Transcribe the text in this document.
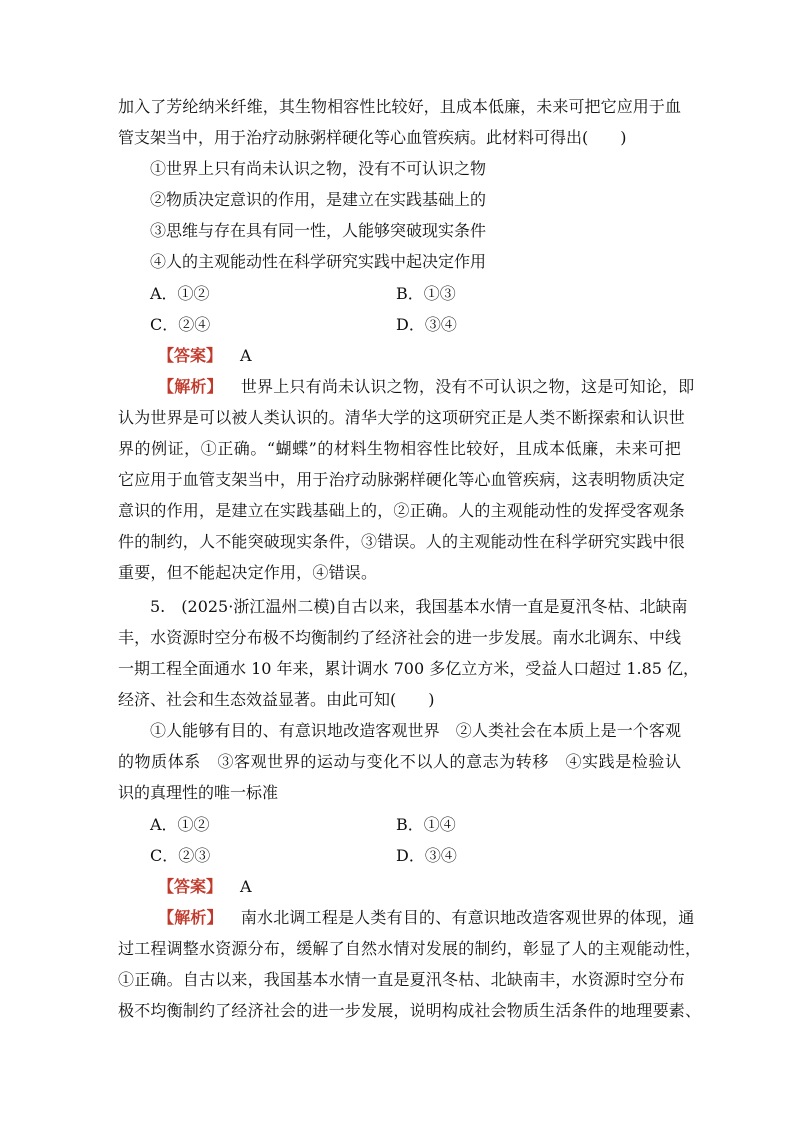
加入了芳纶纳米纤维，其生物相容性比较好，且成本低廉，未来可把它应用于血
管支架当中，用于治疗动脉粥样硬化等心血管疾病。此材料可得出(　　)
①世界上只有尚未认识之物，没有不可认识之物
②物质决定意识的作用，是建立在实践基础上的
③思维与存在具有同一性，人能够突破现实条件
④人的主观能动性在科学研究实践中起决定作用
A．①②	B．①③
C．②④	D．③④
【答案】 A
【解析】 世界上只有尚未认识之物，没有不可认识之物，这是可知论，即
认为世界是可以被人类认识的。清华大学的这项研究正是人类不断探索和认识世
界的例证，①正确。“蝴蝶”的材料生物相容性比较好，且成本低廉，未来可把
它应用于血管支架当中，用于治疗动脉粥样硬化等心血管疾病，这表明物质决定
意识的作用，是建立在实践基础上的，②正确。人的主观能动性的发挥受客观条
件的制约，人不能突破现实条件，③错误。人的主观能动性在科学研究实践中很
重要，但不能起决定作用，④错误。
5.　(2025·浙江温州二模)自古以来，我国基本水情一直是夏汛冬枯、北缺南
丰，水资源时空分布极不均衡制约了经济社会的进一步发展。南水北调东、中线
一期工程全面通水 10 年来，累计调水 700 多亿立方米，受益人口超过 1.85 亿，
经济、社会和生态效益显著。由此可知(　　)
①人能够有目的、有意识地改造客观世界　②人类社会在本质上是一个客观
的物质体系　③客观世界的运动与变化不以人的意志为转移　④实践是检验认
识的真理性的唯一标准
A．①②	B．①④
C．②③	D．③④
【答案】 A
【解析】 南水北调工程是人类有目的、有意识地改造客观世界的体现，通
过工程调整水资源分布，缓解了自然水情对发展的制约，彰显了人的主观能动性，
①正确。自古以来，我国基本水情一直是夏汛冬枯、北缺南丰，水资源时空分布
极不均衡制约了经济社会的进一步发展，说明构成社会物质生活条件的地理要素、
